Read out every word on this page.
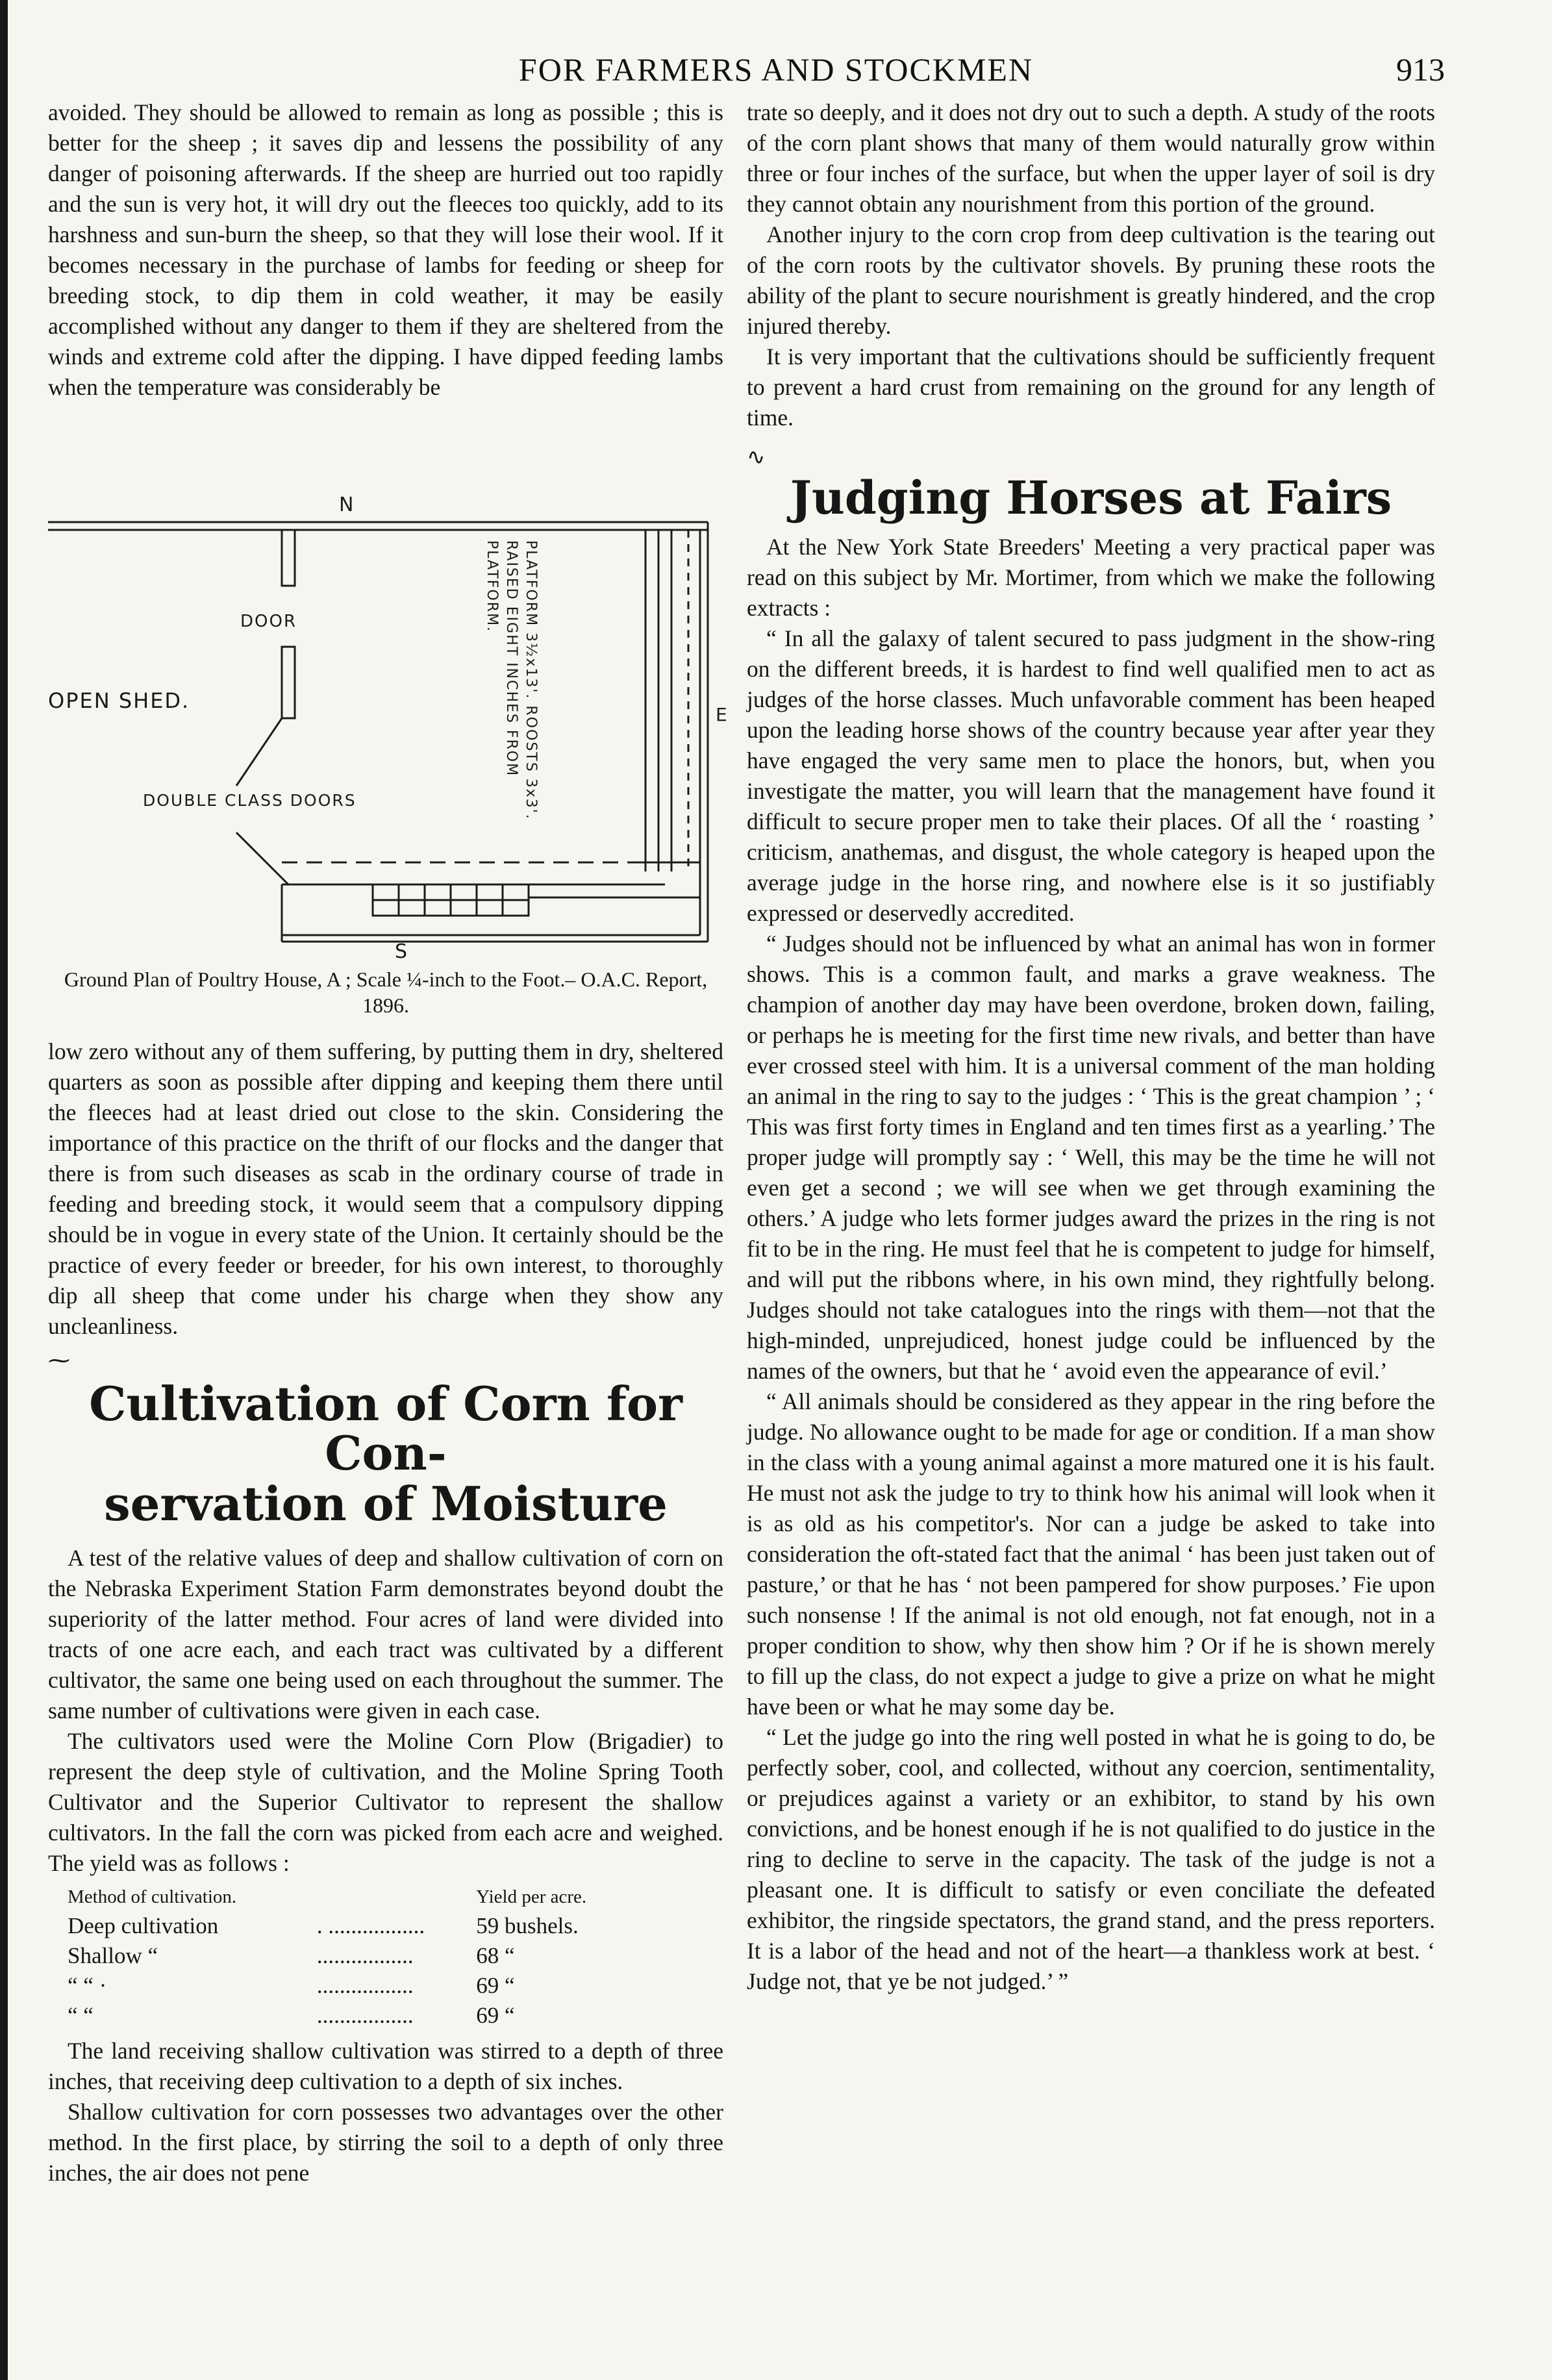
FOR FARMERS AND STOCKMEN	913

avoided. They should be allowed to remain as long as possible ; this is better for the sheep ; it saves dip and lessens the possibility of any danger of poisoning afterwards. If the sheep are hurried out too rapidly and the sun is very hot, it will dry out the fleeces too quickly, add to its harshness and sun-burn the sheep, so that they will lose their wool. If it becomes necessary in the purchase of lambs for feeding or sheep for breeding stock, to dip them in cold weather, it may be easily accomplished without any danger to them if they are sheltered from the winds and extreme cold after the dipping. I have dipped feeding lambs when the temperature was considerably be

N
S
E
DOOR
OPEN SHED.
DOUBLE CLASS DOORS	PLATFORM 3½x13'. ROOSTS 3x3'. RAISED EIGHT INCHES FROM PLATFORM.
Ground Plan of Poultry House, A ; Scale ¼-inch to the Foot.– O.A.C. Report, 1896.

low zero without any of them suffering, by putting them in dry, sheltered quarters as soon as possible after dipping and keeping them there until the fleeces had at least dried out close to the skin. Considering the importance of this practice on the thrift of our flocks and the danger that there is from such diseases as scab in the ordinary course of trade in feeding and breeding stock, it would seem that a compulsory dipping should be in vogue in every state of the Union. It certainly should be the practice of every feeder or breeder, for his own interest, to thoroughly dip all sheep that come under his charge when they show any uncleanliness.

⁓

Cultivation of Corn for Con-
servation of Moisture

A test of the relative values of deep and shallow cultivation of corn on the Nebraska Experiment Station Farm demonstrates beyond doubt the superiority of the latter method. Four acres of land were divided into tracts of one acre each, and each tract was cultivated by a different cultivator, the same one being used on each throughout the summer. The same number of cultivations were given in each case.

The cultivators used were the Moline Corn Plow (Brigadier) to represent the deep style of cultivation, and the Moline Spring Tooth Cultivator and the Superior Cultivator to represent the shallow cultivators. In the fall the corn was picked from each acre and weighed. The yield was as follows :

Method of cultivation.		Yield per acre.
Deep cultivation	. .................	59 bushels.
Shallow “	.................	68 “
“ “ ·	.................	69 “
“ “	.................	69 “

The land receiving shallow cultivation was stirred to a depth of three inches, that receiving deep cultivation to a depth of six inches.

Shallow cultivation for corn possesses two advantages over the other method. In the first place, by stirring the soil to a depth of only three inches, the air does not pene

trate so deeply, and it does not dry out to such a depth. A study of the roots of the corn plant shows that many of them would naturally grow within three or four inches of the surface, but when the upper layer of soil is dry they cannot obtain any nourishment from this portion of the ground.

Another injury to the corn crop from deep cultivation is the tearing out of the corn roots by the cultivator shovels. By pruning these roots the ability of the plant to secure nourishment is greatly hindered, and the crop injured thereby.

It is very important that the cultivations should be sufficiently frequent to prevent a hard crust from remaining on the ground for any length of time.

∿

Judging Horses at Fairs

At the New York State Breeders' Meeting a very practical paper was read on this subject by Mr. Mortimer, from which we make the following extracts :

“ In all the galaxy of talent secured to pass judgment in the show-ring on the different breeds, it is hardest to find well qualified men to act as judges of the horse classes. Much unfavorable comment has been heaped upon the leading horse shows of the country because year after year they have engaged the very same men to place the honors, but, when you investigate the matter, you will learn that the management have found it difficult to secure proper men to take their places. Of all the ‘ roasting ’ criticism, anathemas, and disgust, the whole category is heaped upon the average judge in the horse ring, and nowhere else is it so justifiably expressed or deservedly accredited.

“ Judges should not be influenced by what an animal has won in former shows. This is a common fault, and marks a grave weakness. The champion of another day may have been overdone, broken down, failing, or perhaps he is meeting for the first time new rivals, and better than have ever crossed steel with him. It is a universal comment of the man holding an animal in the ring to say to the judges : ‘ This is the great champion ’ ; ‘ This was first forty times in England and ten times first as a yearling.’ The proper judge will promptly say : ‘ Well, this may be the time he will not even get a second ; we will see when we get through examining the others.’ A judge who lets former judges award the prizes in the ring is not fit to be in the ring. He must feel that he is competent to judge for himself, and will put the ribbons where, in his own mind, they rightfully belong. Judges should not take catalogues into the rings with them—not that the high-minded, unprejudiced, honest judge could be influenced by the names of the owners, but that he ‘ avoid even the appearance of evil.’

“ All animals should be considered as they appear in the ring before the judge. No allowance ought to be made for age or condition. If a man show in the class with a young animal against a more matured one it is his fault. He must not ask the judge to try to think how his animal will look when it is as old as his competitor's. Nor can a judge be asked to take into consideration the oft-stated fact that the animal ‘ has been just taken out of pasture,’ or that he has ‘ not been pampered for show purposes.’ Fie upon such nonsense ! If the animal is not old enough, not fat enough, not in a proper condition to show, why then show him ? Or if he is shown merely to fill up the class, do not expect a judge to give a prize on what he might have been or what he may some day be.

“ Let the judge go into the ring well posted in what he is going to do, be perfectly sober, cool, and collected, without any coercion, sentimentality, or prejudices against a variety or an exhibitor, to stand by his own convictions, and be honest enough if he is not qualified to do justice in the ring to decline to serve in the capacity. The task of the judge is not a pleasant one. It is difficult to satisfy or even conciliate the defeated exhibitor, the ringside spectators, the grand stand, and the press reporters. It is a labor of the head and not of the heart—a thankless work at best. ‘ Judge not, that ye be not judged.’ ”
